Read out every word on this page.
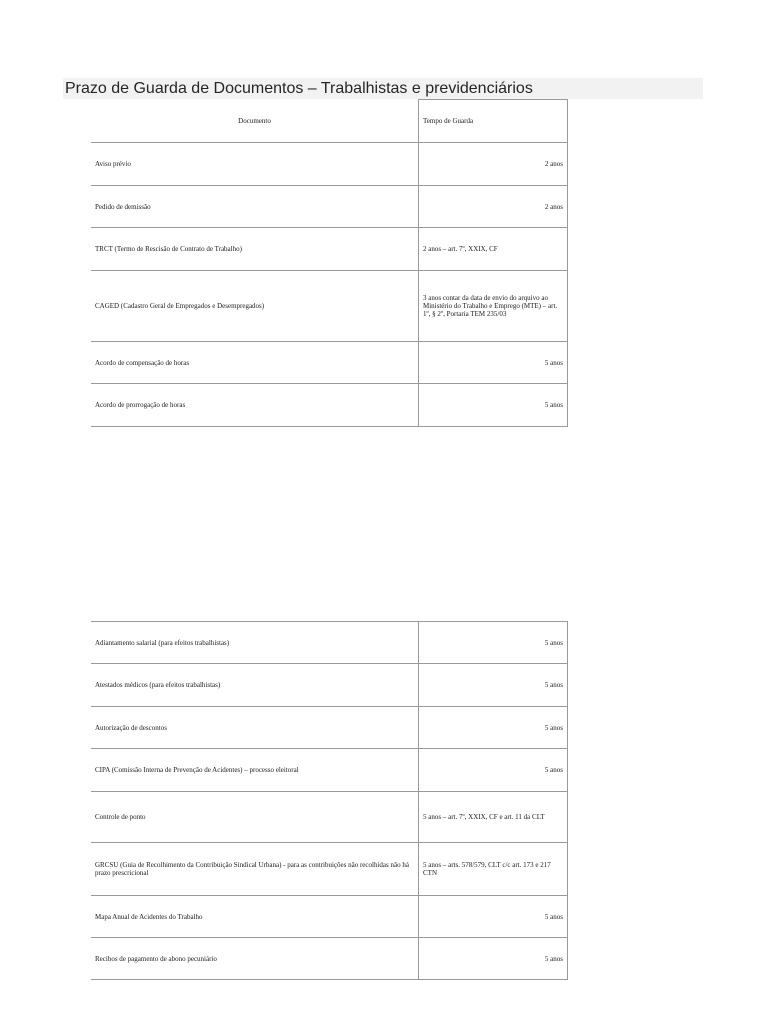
Prazo de Guarda de Documentos – Trabalhistas e previdenciários
Documento	Tempo de Guarda
Aviso prévio	2 anos
Pedido de demissão	2 anos
TRCT (Termo de Rescisão de Contrato de Trabalho)	2 anos – art. 7º, XXIX, CF
CAGED (Cadastro Geral de Empregados e Desempregados)	3 anos contar da data de envio do arquivo ao Ministério do Trabalho e Emprego (MTE) – art. 1º, § 2º, Portaria TEM 235/03
Acordo de compensação de horas	5 anos
Acordo de prorrogação de horas	5 anos
Adiantamento salarial (para efeitos trabalhistas)	5 anos
Atestados médicos (para efeitos trabalhistas)	5 anos
Autorização de descontos	5 anos
CIPA (Comissão Interna de Prevenção de Acidentes) – processo eleitoral	5 anos
Controle de ponto	5 anos – art. 7º, XXIX, CF e art. 11 da CLT
GRCSU (Guia de Recolhimento da Contribuição Sindical Urbana) - para as contribuições não recolhidas não há prazo prescricional	5 anos – arts. 578/579, CLT c/c art. 173 e 217 CTN
Mapa Anual de Acidentes do Trabalho	5 anos
Recibos de pagamento de abono pecuniário	5 anos
